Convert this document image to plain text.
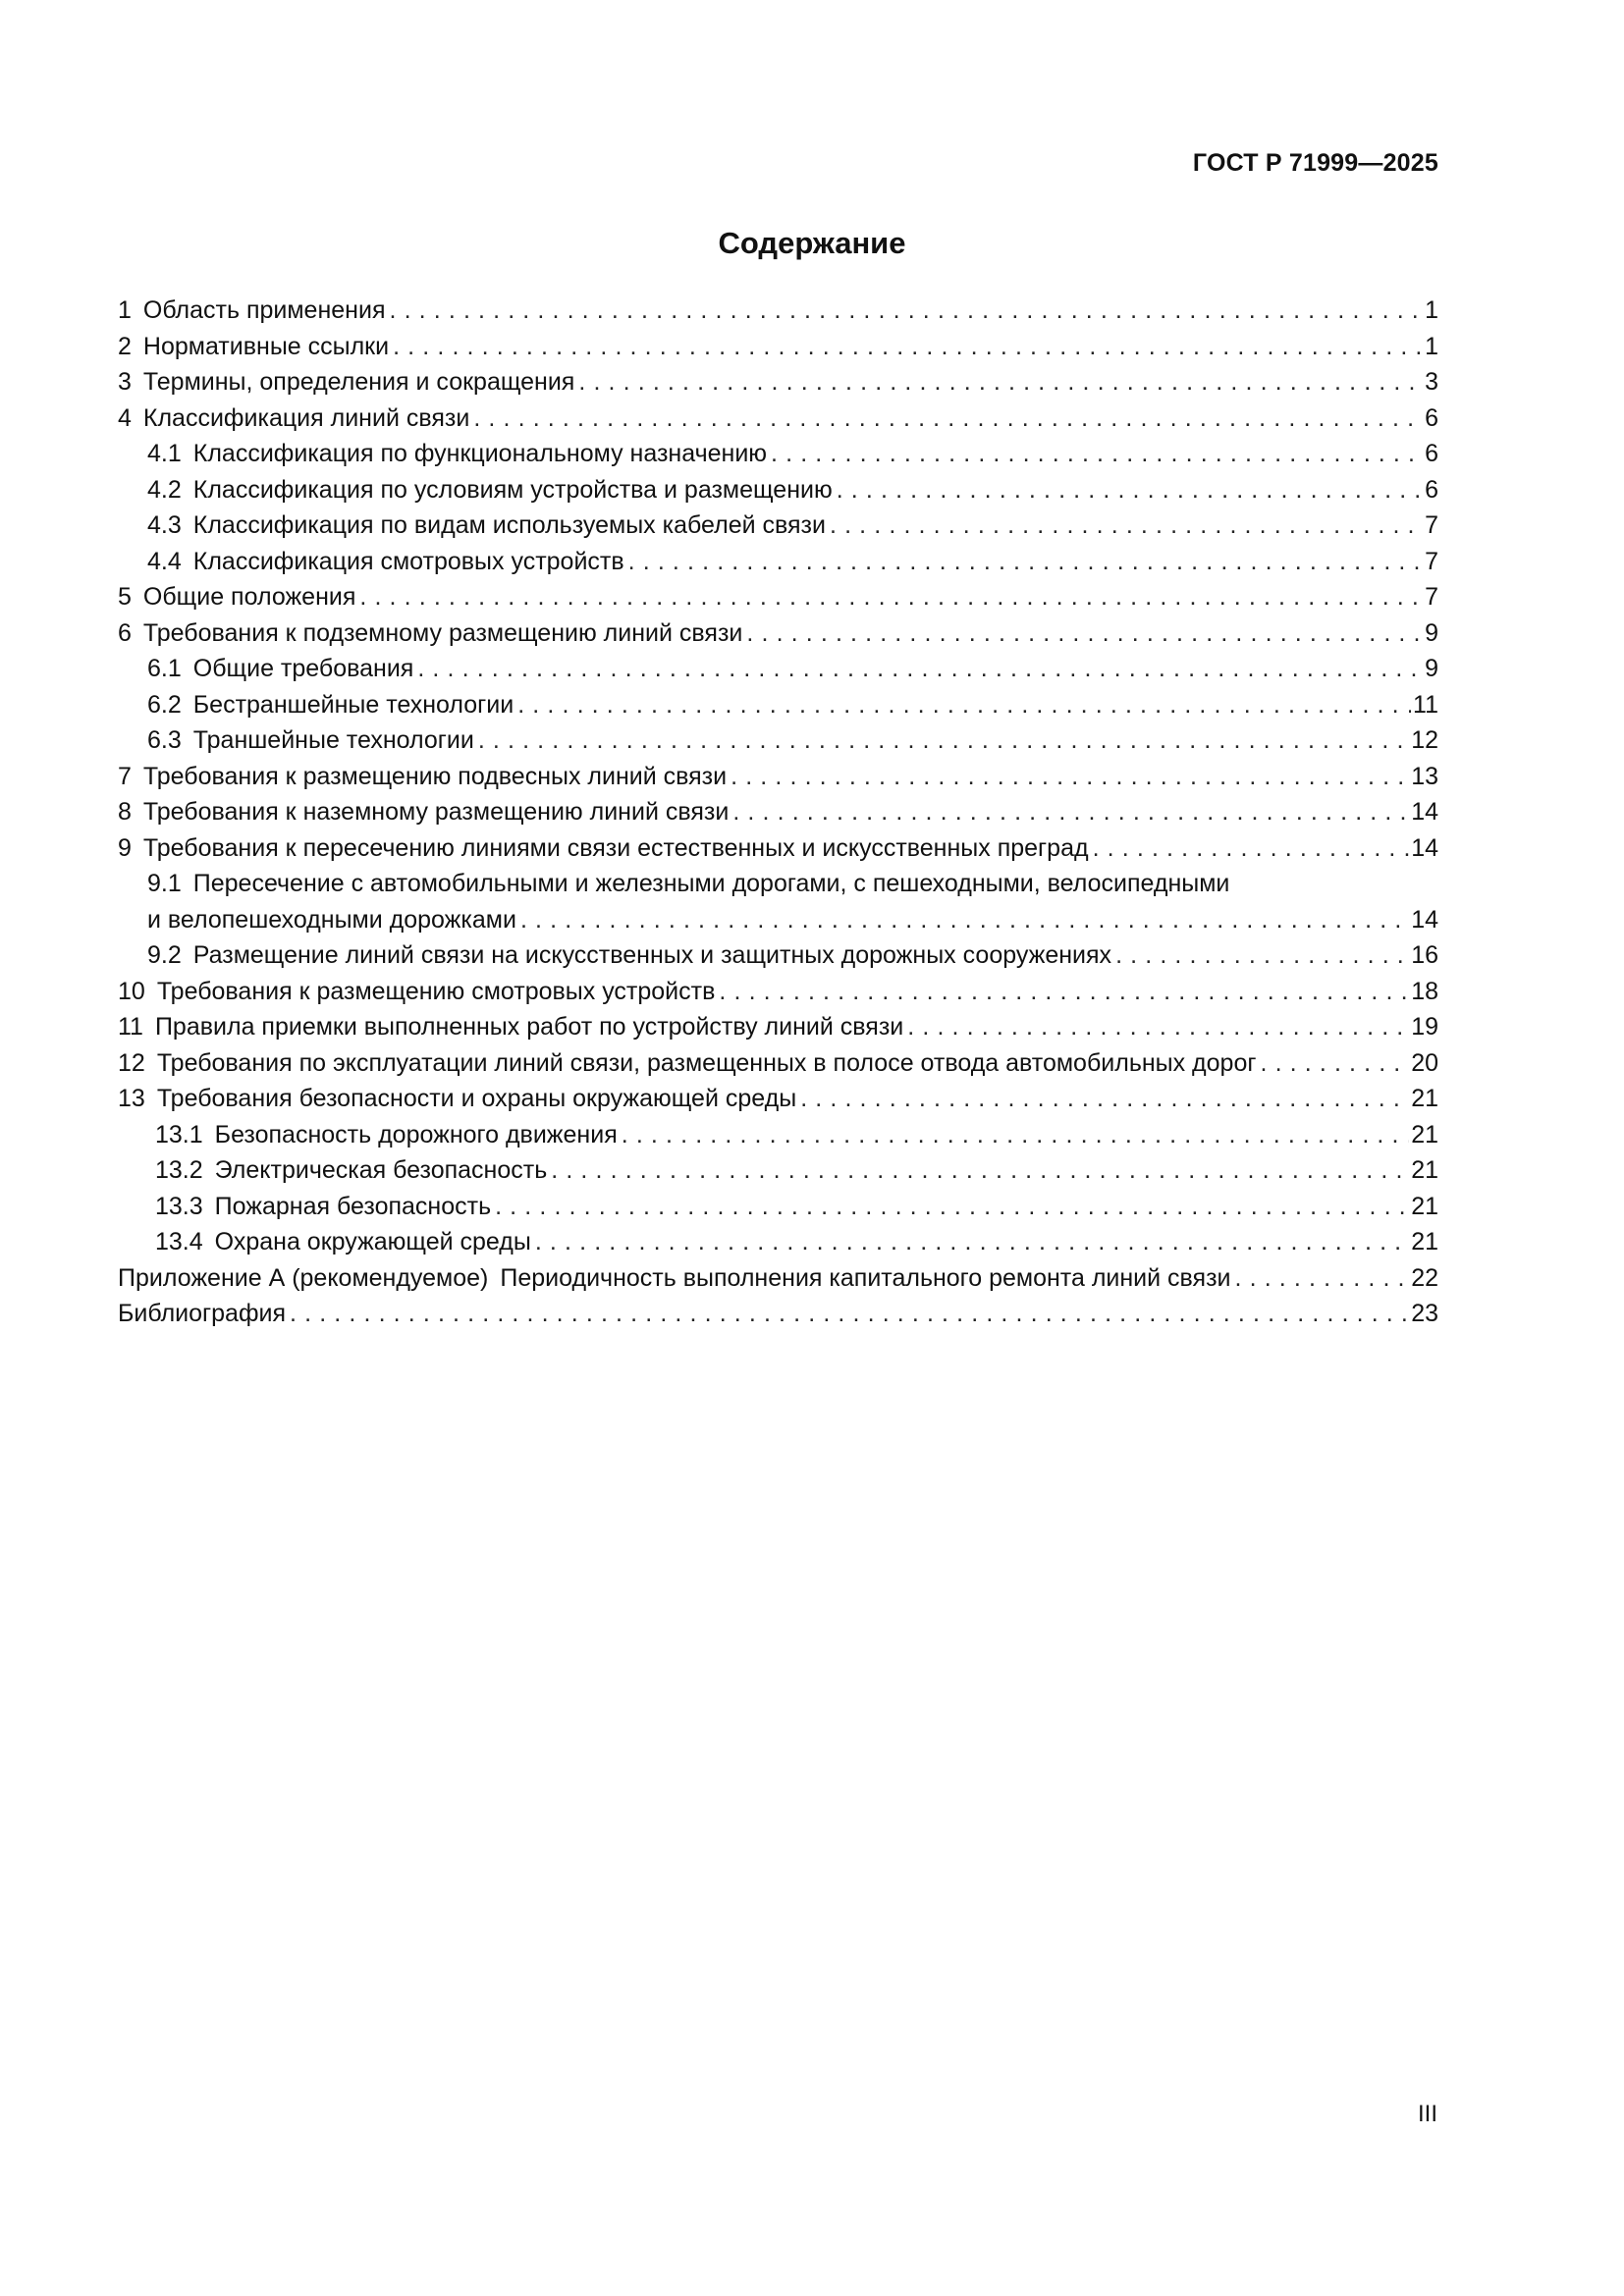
ГОСТ Р 71999—2025
Содержание
1 Область применения . . .	1
2 Нормативные ссылки . . .	1
3 Термины, определения и сокращения . . .	3
4 Классификация линий связи . . .	6
4.1 Классификация по функциональному назначению . . .	6
4.2 Классификация по условиям устройства и размещению . . .	6
4.3 Классификация по видам используемых кабелей связи . . .	7
4.4 Классификация смотровых устройств . . .	7
5 Общие положения . . .	7
6 Требования к подземному размещению линий связи . . .	9
6.1 Общие требования . . .	9
6.2 Бестраншейные технологии . . .	11
6.3 Траншейные технологии . . .	12
7 Требования к размещению подвесных линий связи . . .	13
8 Требования к наземному размещению линий связи . . .	14
9 Требования к пересечению линиями связи естественных и искусственных преград . . .	14
9.1 Пересечение с автомобильными и железными дорогами, с пешеходными, велосипедными
и велопешеходными дорожками . . .	14
9.2 Размещение линий связи на искусственных и защитных дорожных сооружениях . . .	16
10 Требования к размещению смотровых устройств . . .	18
11 Правила приемки выполненных работ по устройству линий связи . . .	19
12 Требования по эксплуатации линий связи, размещенных в полосе отвода автомобильных дорог . . .	20
13 Требования безопасности и охраны окружающей среды . . .	21
13.1 Безопасность дорожного движения . . .	21
13.2 Электрическая безопасность . . .	21
13.3 Пожарная безопасность . . .	21
13.4 Охрана окружающей среды . . .	21
Приложение А (рекомендуемое) Периодичность выполнения капитального ремонта линий связи . . .	22
Библиография . . .	23
III
